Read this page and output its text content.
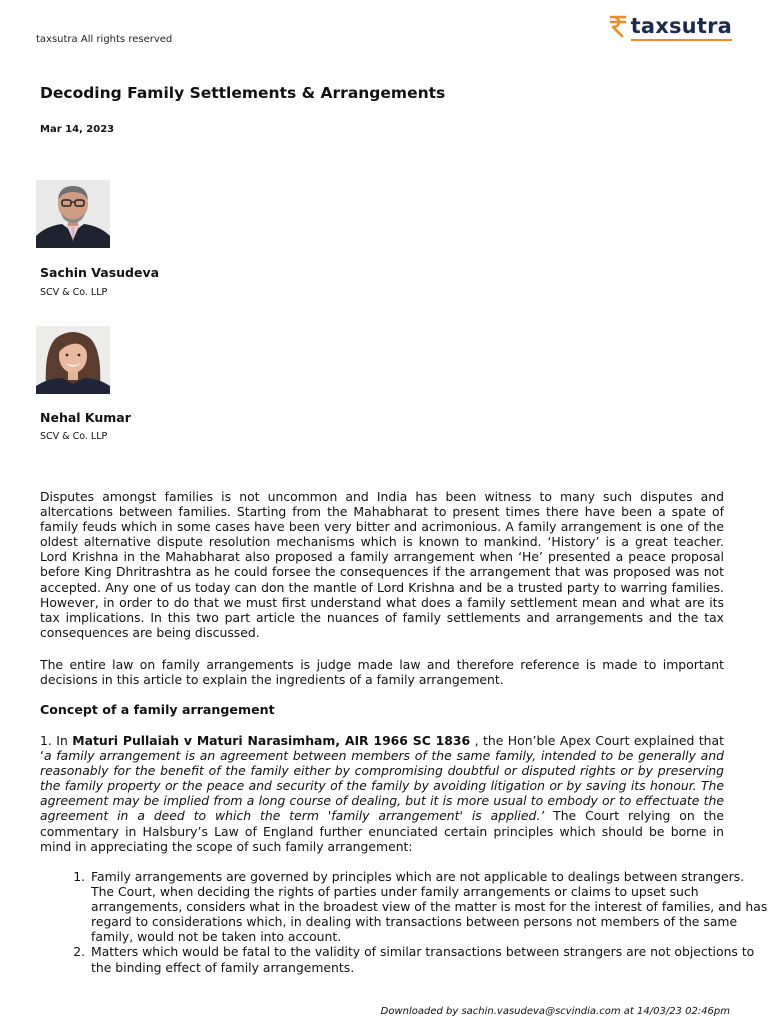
taxsutra All rights reserved
taxsutra
Decoding Family Settlements & Arrangements
Mar 14, 2023
Sachin Vasudeva
SCV & Co. LLP
Nehal Kumar
SCV & Co. LLP

Disputes amongst families is not uncommon and India has been witness to many such disputes and altercations between families. Starting from the Mahabharat to present times there have been a spate of family feuds which in some cases have been very bitter and acrimonious. A family arrangement is one of the oldest alternative dispute resolution mechanisms which is known to mankind. ‘History’ is a great teacher. Lord Krishna in the Mahabharat also proposed a family arrangement when ‘He’ presented a peace proposal before King Dhritrashtra as he could forsee the consequences if the arrangement that was proposed was not accepted. Any one of us today can don the mantle of Lord Krishna and be a trusted party to warring families. However, in order to do that we must first understand what does a family settlement mean and what are its tax implications. In this two part article the nuances of family settlements and arrangements and the tax consequences are being discussed.

The entire law on family arrangements is judge made law and therefore reference is made to important decisions in this article to explain the ingredients of a family arrangement.

Concept of a family arrangement

1. In Maturi Pullaiah v Maturi Narasimham, AIR 1966 SC 1836 , the Hon’ble Apex Court explained that ‘a family arrangement is an agreement between members of the same family, intended to be generally and reasonably for the benefit of the family either by compromising doubtful or disputed rights or by preserving the family property or the peace and security of the family by avoiding litigation or by saving its honour. The agreement may be implied from a long course of dealing, but it is more usual to embody or to effectuate the agreement in a deed to which the term 'family arrangement' is applied.’ The Court relying on the commentary in Halsbury’s Law of England further enunciated certain principles which should be borne in mind in appreciating the scope of such family arrangement:

1. Family arrangements are governed by principles which are not applicable to dealings between strangers. The Court, when deciding the rights of parties under family arrangements or claims to upset such arrangements, considers what in the broadest view of the matter is most for the interest of families, and has regard to considerations which, in dealing with transactions between persons not members of the same family, would not be taken into account.
2. Matters which would be fatal to the validity of similar transactions between strangers are not objections to the binding effect of family arrangements.
Downloaded by sachin.vasudeva@scvindia.com at 14/03/23 02:46pm
